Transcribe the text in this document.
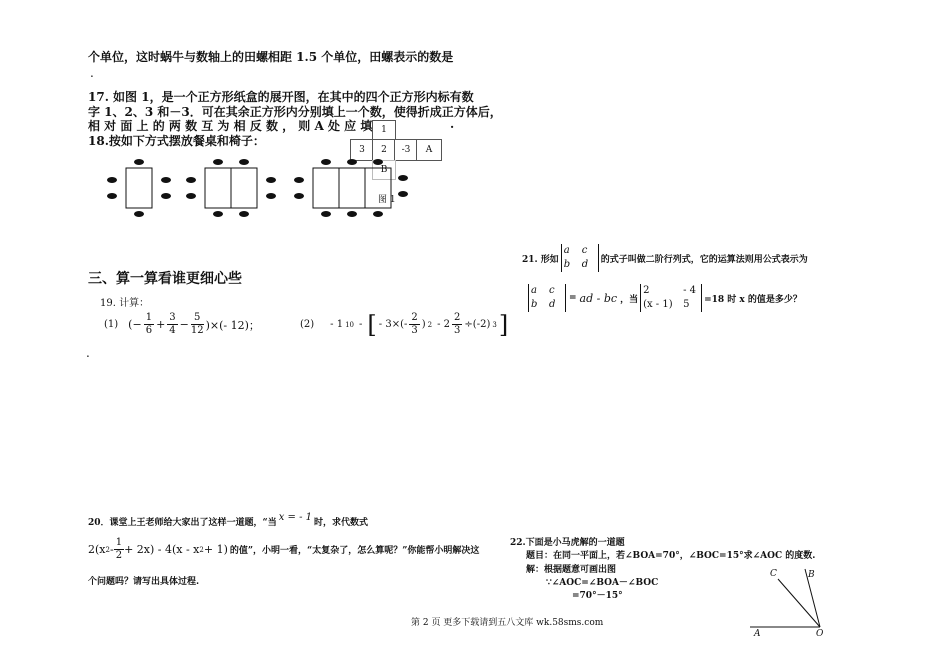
个单位，这时蜗牛与数轴上的田螺相距 1.5 个单位，田螺表示的数是
.
17. 如图 1，是一个正方形纸盒的展开图，在其中的四个正方形内标有数
字 1、2、3 和－3．可在其余正方形内分别填上一个数，使得折成正方体后，
相 对 面 上 的 两 数 互 为 相 反 数 ， 则 A 处 应 填	.
1
3	2	-3	A
B
图 1
18.按如下方式摆放餐桌和椅子：
三、算一算看谁更细心些
19. 计算：
(1) (− $\frac{1}{6} + \frac{3}{4} - \frac{5}{12}$ )×(- 12)；	(2) - 1 10 - [ - $3\times(- \frac{2}{3}$ ) $2 - 2 \frac{2}{3} \div(-2)$ 3 ]
.
20．课堂上王老师给大家出了这样一道题，“当 x = - 1 时，求代数式
2(x $2 - \frac{1}{2} + 2x) - 4(x - x$ 2 + 1) 的值”，小明一看，“太复杂了，怎么算呢？”你能帮小明解决这
个问题吗？请写出具体过程.
21. 形如
a	c
b	d	的式子叫做二阶行列式，它的运算法则用公式表示为
a	c
b	d
= ad - bc ，当
2	- 4
(x - 1)	5	=18 时 x 的值是多少？
22.下面是小马虎解的一道题
题目：在同一平面上，若∠BOA=70°，∠BOC=15°求∠AOC 的度数.
解：根据题意可画出图
∵∠AOC=∠BOA－∠BOC
=70°－15°
C	B
A	O
第 2 页 更多下载请到五八文库 wk.58sms.com
